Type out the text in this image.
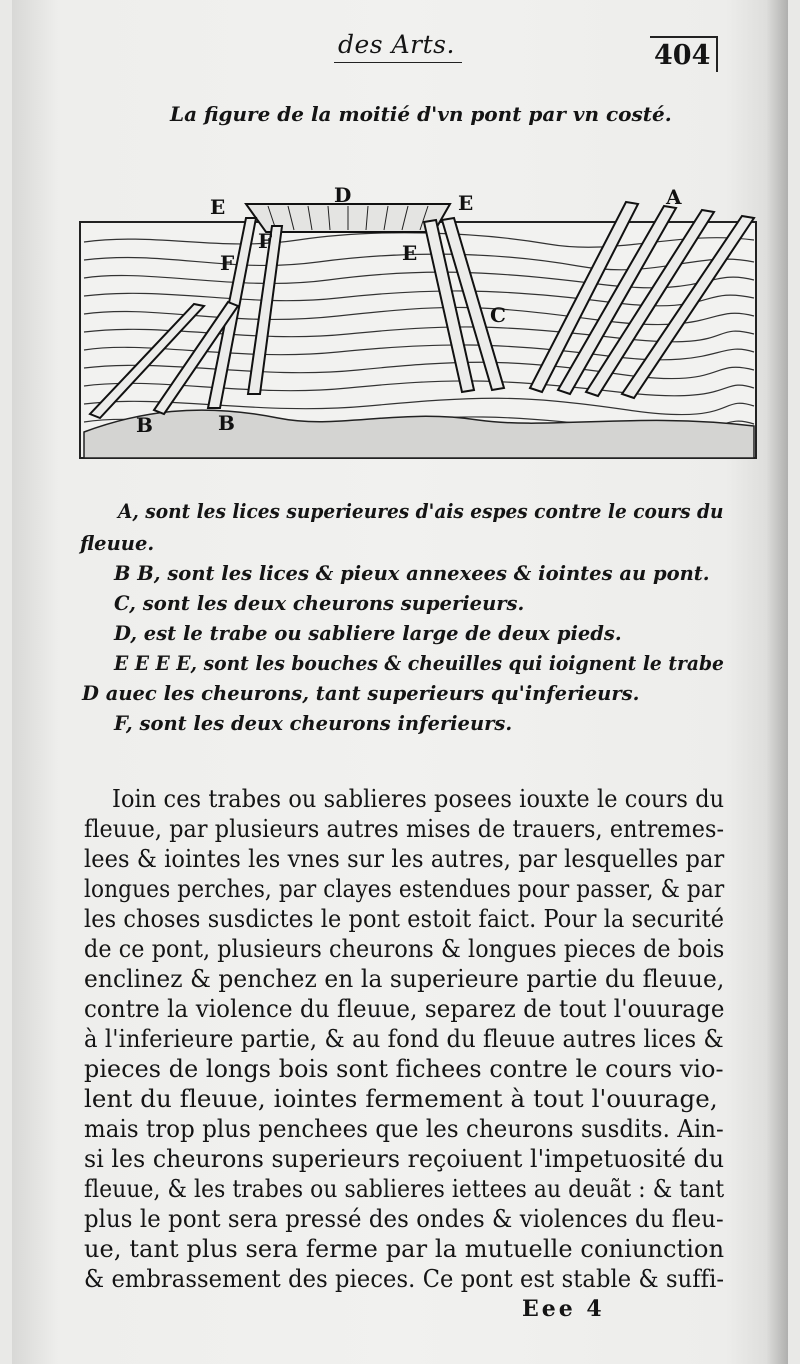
des Arts.	404
La figure de la moitié d'vn pont par vn costé.
E	D	E	A
F
F	E
C
B	B
A, sont les lices superieures d'ais espes contre le cours du
fleuue.
B B, sont les lices & pieux annexees & iointes au pont.
C, sont les deux cheurons superieurs.
D, est le trabe ou sabliere large de deux pieds.
E E E E, sont les bouches & cheuilles qui ioignent le trabe
D auec les cheurons, tant superieurs qu'inferieurs.
F, sont les deux cheurons inferieurs.
Ioin ces trabes ou sablieres posees iouxte le cours du
fleuue, par plusieurs autres mises de trauers, entremes-
lees & iointes les vnes sur les autres, par lesquelles par
longues perches, par clayes estendues pour passer, & par
les choses susdictes le pont estoit faict. Pour la securité
de ce pont, plusieurs cheurons & longues pieces de bois
enclinez & penchez en la superieure partie du fleuue,
contre la violence du fleuue, separez de tout l'ouurage
à l'inferieure partie, & au fond du fleuue autres lices &
pieces de longs bois sont fichees contre le cours vio-
lent du fleuue, iointes fermement à tout l'ouurage,
mais trop plus penchees que les cheurons susdits. Ain-
si les cheurons superieurs reçoiuent l'impetuosité du
fleuue, & les trabes ou sablieres iettees au deuãt : & tant
plus le pont sera pressé des ondes & violences du fleu-
ue, tant plus sera ferme par la mutuelle coniunction
& embrassement des pieces. Ce pont est stable & suffi-
Eee 4
